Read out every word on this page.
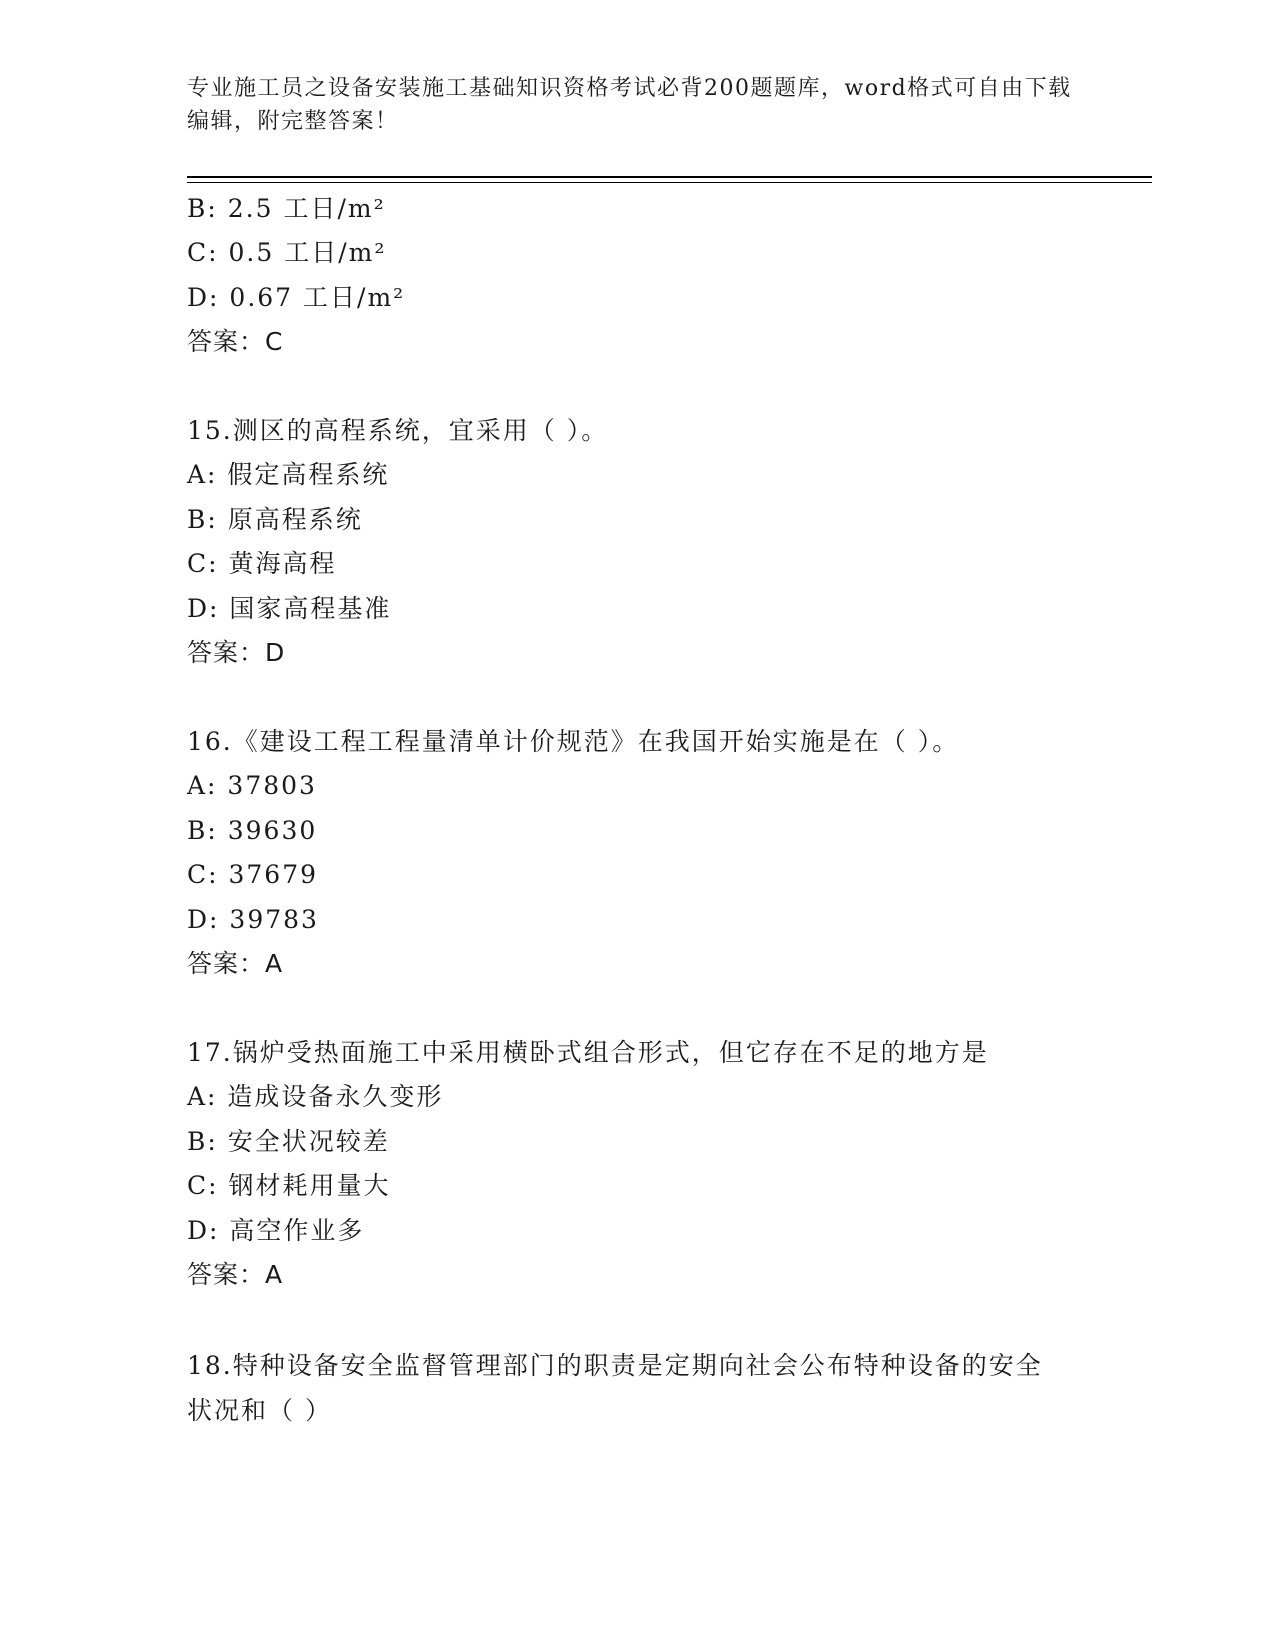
专业施工员之设备安装施工基础知识资格考试必背200题题库，word格式可自由下载编辑，附完整答案！
B: 2.5 工日/m²
C: 0.5 工日/m²
D: 0.67 工日/m²
答案：C
15.测区的高程系统，宜采用（ ）。
A: 假定高程系统
B: 原高程系统
C: 黄海高程
D: 国家高程基准
答案：D
16.《建设工程工程量清单计价规范》在我国开始实施是在（ ）。
A: 37803
B: 39630
C: 37679
D: 39783
答案：A
17.锅炉受热面施工中采用横卧式组合形式，但它存在不足的地方是
A: 造成设备永久变形
B: 安全状况较差
C: 钢材耗用量大
D: 高空作业多
答案：A
18.特种设备安全监督管理部门的职责是定期向社会公布特种设备的安全状况和（ ）
